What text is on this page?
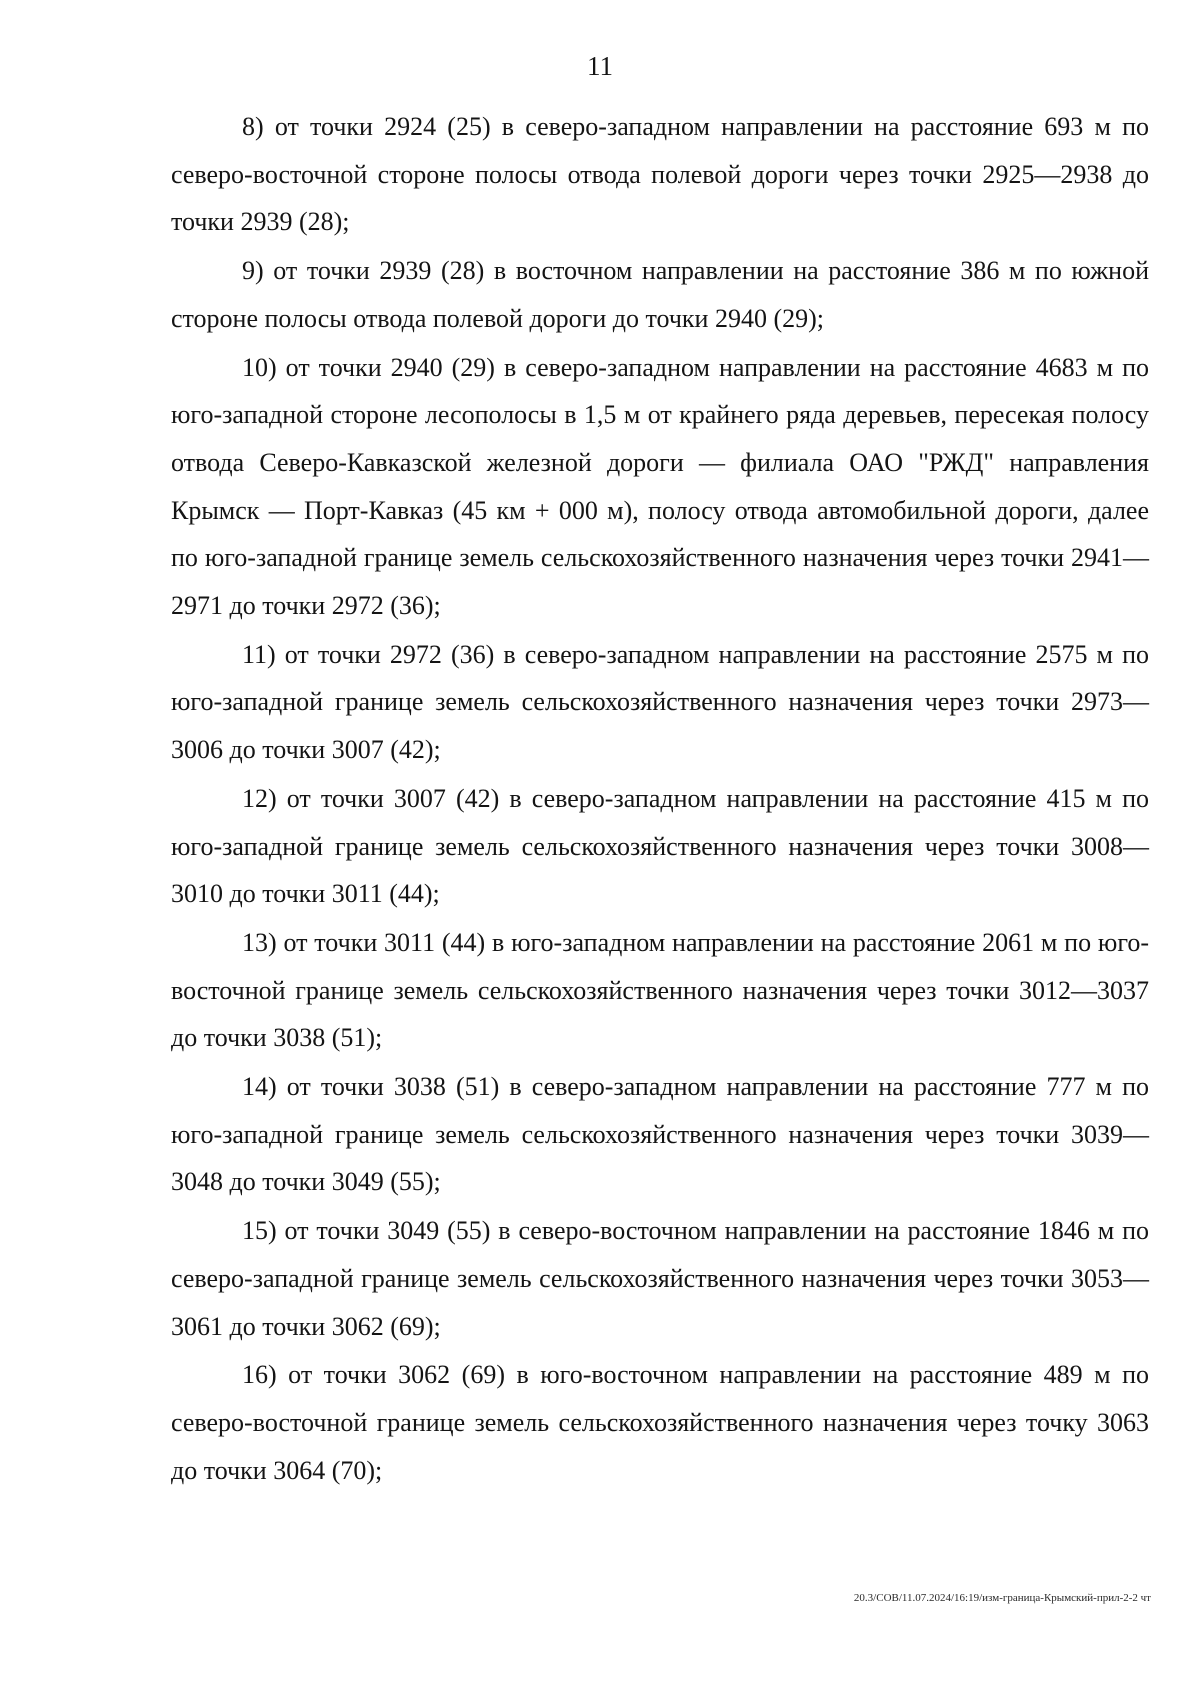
11

8) от точки 2924 (25) в северо-западном направлении на расстояние 693 м по северо-восточной стороне полосы отвода полевой дороги через точки 2925—2938 до точки 2939 (28);

9) от точки 2939 (28) в восточном направлении на расстояние 386 м по южной стороне полосы отвода полевой дороги до точки 2940 (29);

10) от точки 2940 (29) в северо-западном направлении на расстояние 4683 м по юго-западной стороне лесополосы в 1,5 м от крайнего ряда деревьев, пересекая полосу отвода Северо-Кавказской железной дороги — филиала ОАО "РЖД" направления Крымск — Порт-Кавказ (45 км + 000 м), полосу отвода автомобильной дороги, далее по юго-западной границе земель сельскохозяйственного назначения через точки 2941—2971 до точки 2972 (36);

11) от точки 2972 (36) в северо-западном направлении на расстояние 2575 м по юго-западной границе земель сельскохозяйственного назначения через точки 2973—3006 до точки 3007 (42);

12) от точки 3007 (42) в северо-западном направлении на расстояние 415 м по юго-западной границе земель сельскохозяйственного назначения через точки 3008—3010 до точки 3011 (44);

13) от точки 3011 (44) в юго-западном направлении на расстояние 2061 м по юго-восточной границе земель сельскохозяйственного назначения через точки 3012—3037 до точки 3038 (51);

14) от точки 3038 (51) в северо-западном направлении на расстояние 777 м по юго-западной границе земель сельскохозяйственного назначения через точки 3039—3048 до точки 3049 (55);

15) от точки 3049 (55) в северо-восточном направлении на расстояние 1846 м по северо-западной границе земель сельскохозяйственного назначения через точки 3053—3061 до точки 3062 (69);

16) от точки 3062 (69) в юго-восточном направлении на расстояние 489 м по северо-восточной границе земель сельскохозяйственного назначения через точку 3063 до точки 3064 (70);

20.3/СОВ/11.07.2024/16:19/изм-граница-Крымский-прил-2-2 чт
